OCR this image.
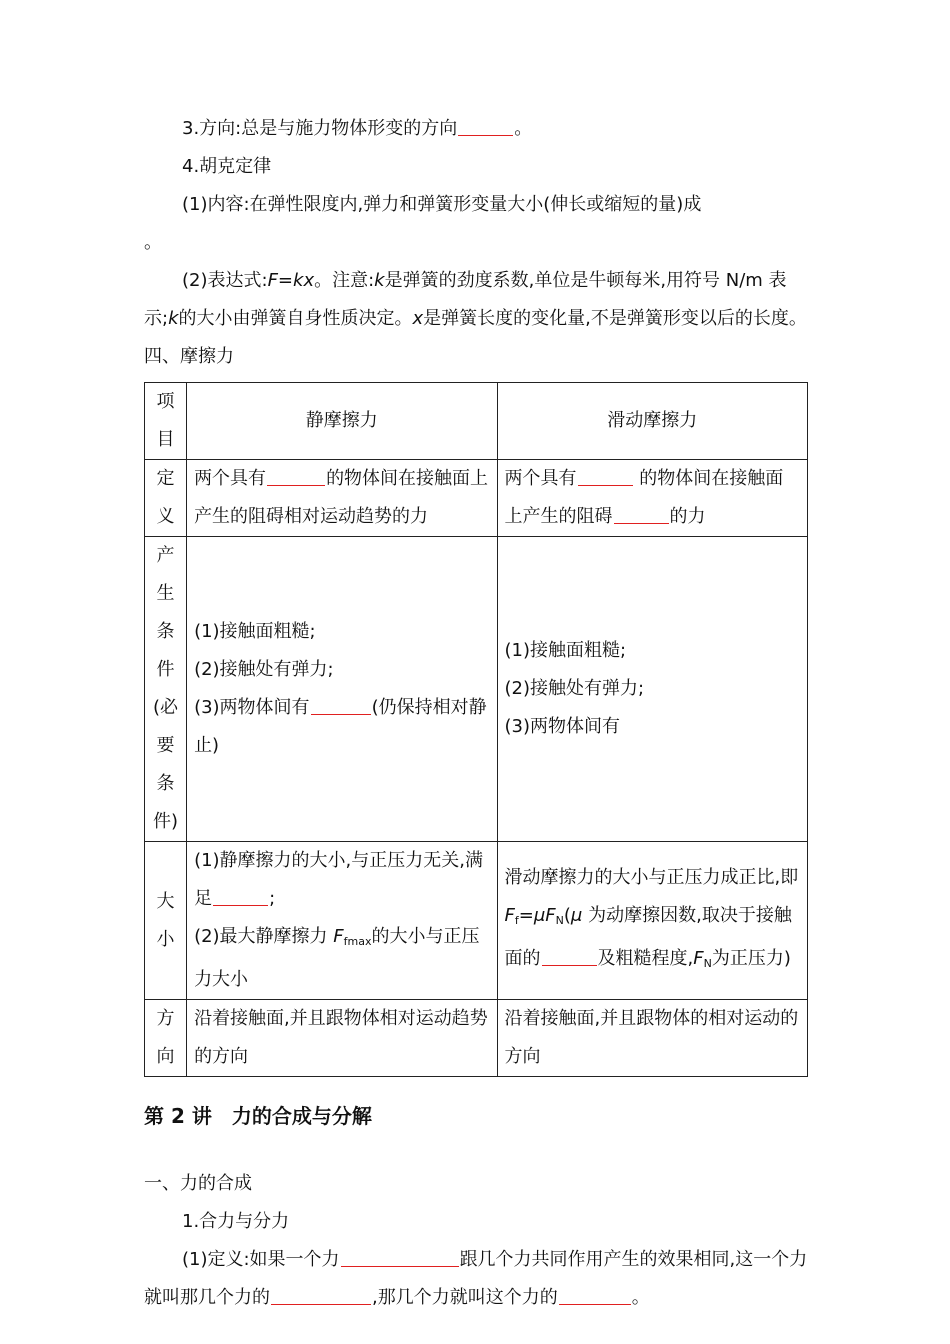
3.方向:总是与施力物体形变的方向	。

4.胡克定律

(1)内容:在弹性限度内,弹力和弹簧形变量大小(伸长或缩短的量)成
。

(2)表达式:F=kx。注意:k是弹簧的劲度系数,单位是牛顿每米,用符号 N/m 表示;k的大小由弹簧自身性质决定。x是弹簧长度的变化量,不是弹簧形变以后的长度。

四、摩擦力

项目	静摩擦力	滑动摩擦力
定义	两个具有 的物体间在接触面上产生的阻碍相对运动趋势的力	两个具有 的物体间在接触面上产生的阻碍 的力
产生条件(必要条件)	(1)接触面粗糙;
(2)接触处有弹力;
(3)两物体间有 (仍保持相对静止)	(1)接触面粗糙;
(2)接触处有弹力;
(3)两物体间有
大小	(1)静摩擦力的大小,与正压力无关,满足 ;
(2)最大静摩擦力 $F_{fmax}$的大小与正压力大小	滑动摩擦力的大小与正压力成正比,即 $F_f=\mu F_N(\mu$ 为动摩擦因数,取决于接触面的 及粗糙程度$,F_N$为正压力)
方向	沿着接触面,并且跟物体相对运动趋势的方向	沿着接触面,并且跟物体的相对运动的方向

第 2 讲　力的合成与分解

一、力的合成

1.合力与分力

(1)定义:如果一个力	跟几个力共同作用产生的效果相同,这一个力就叫那几个力的	,那几个力就叫这个力的	。
